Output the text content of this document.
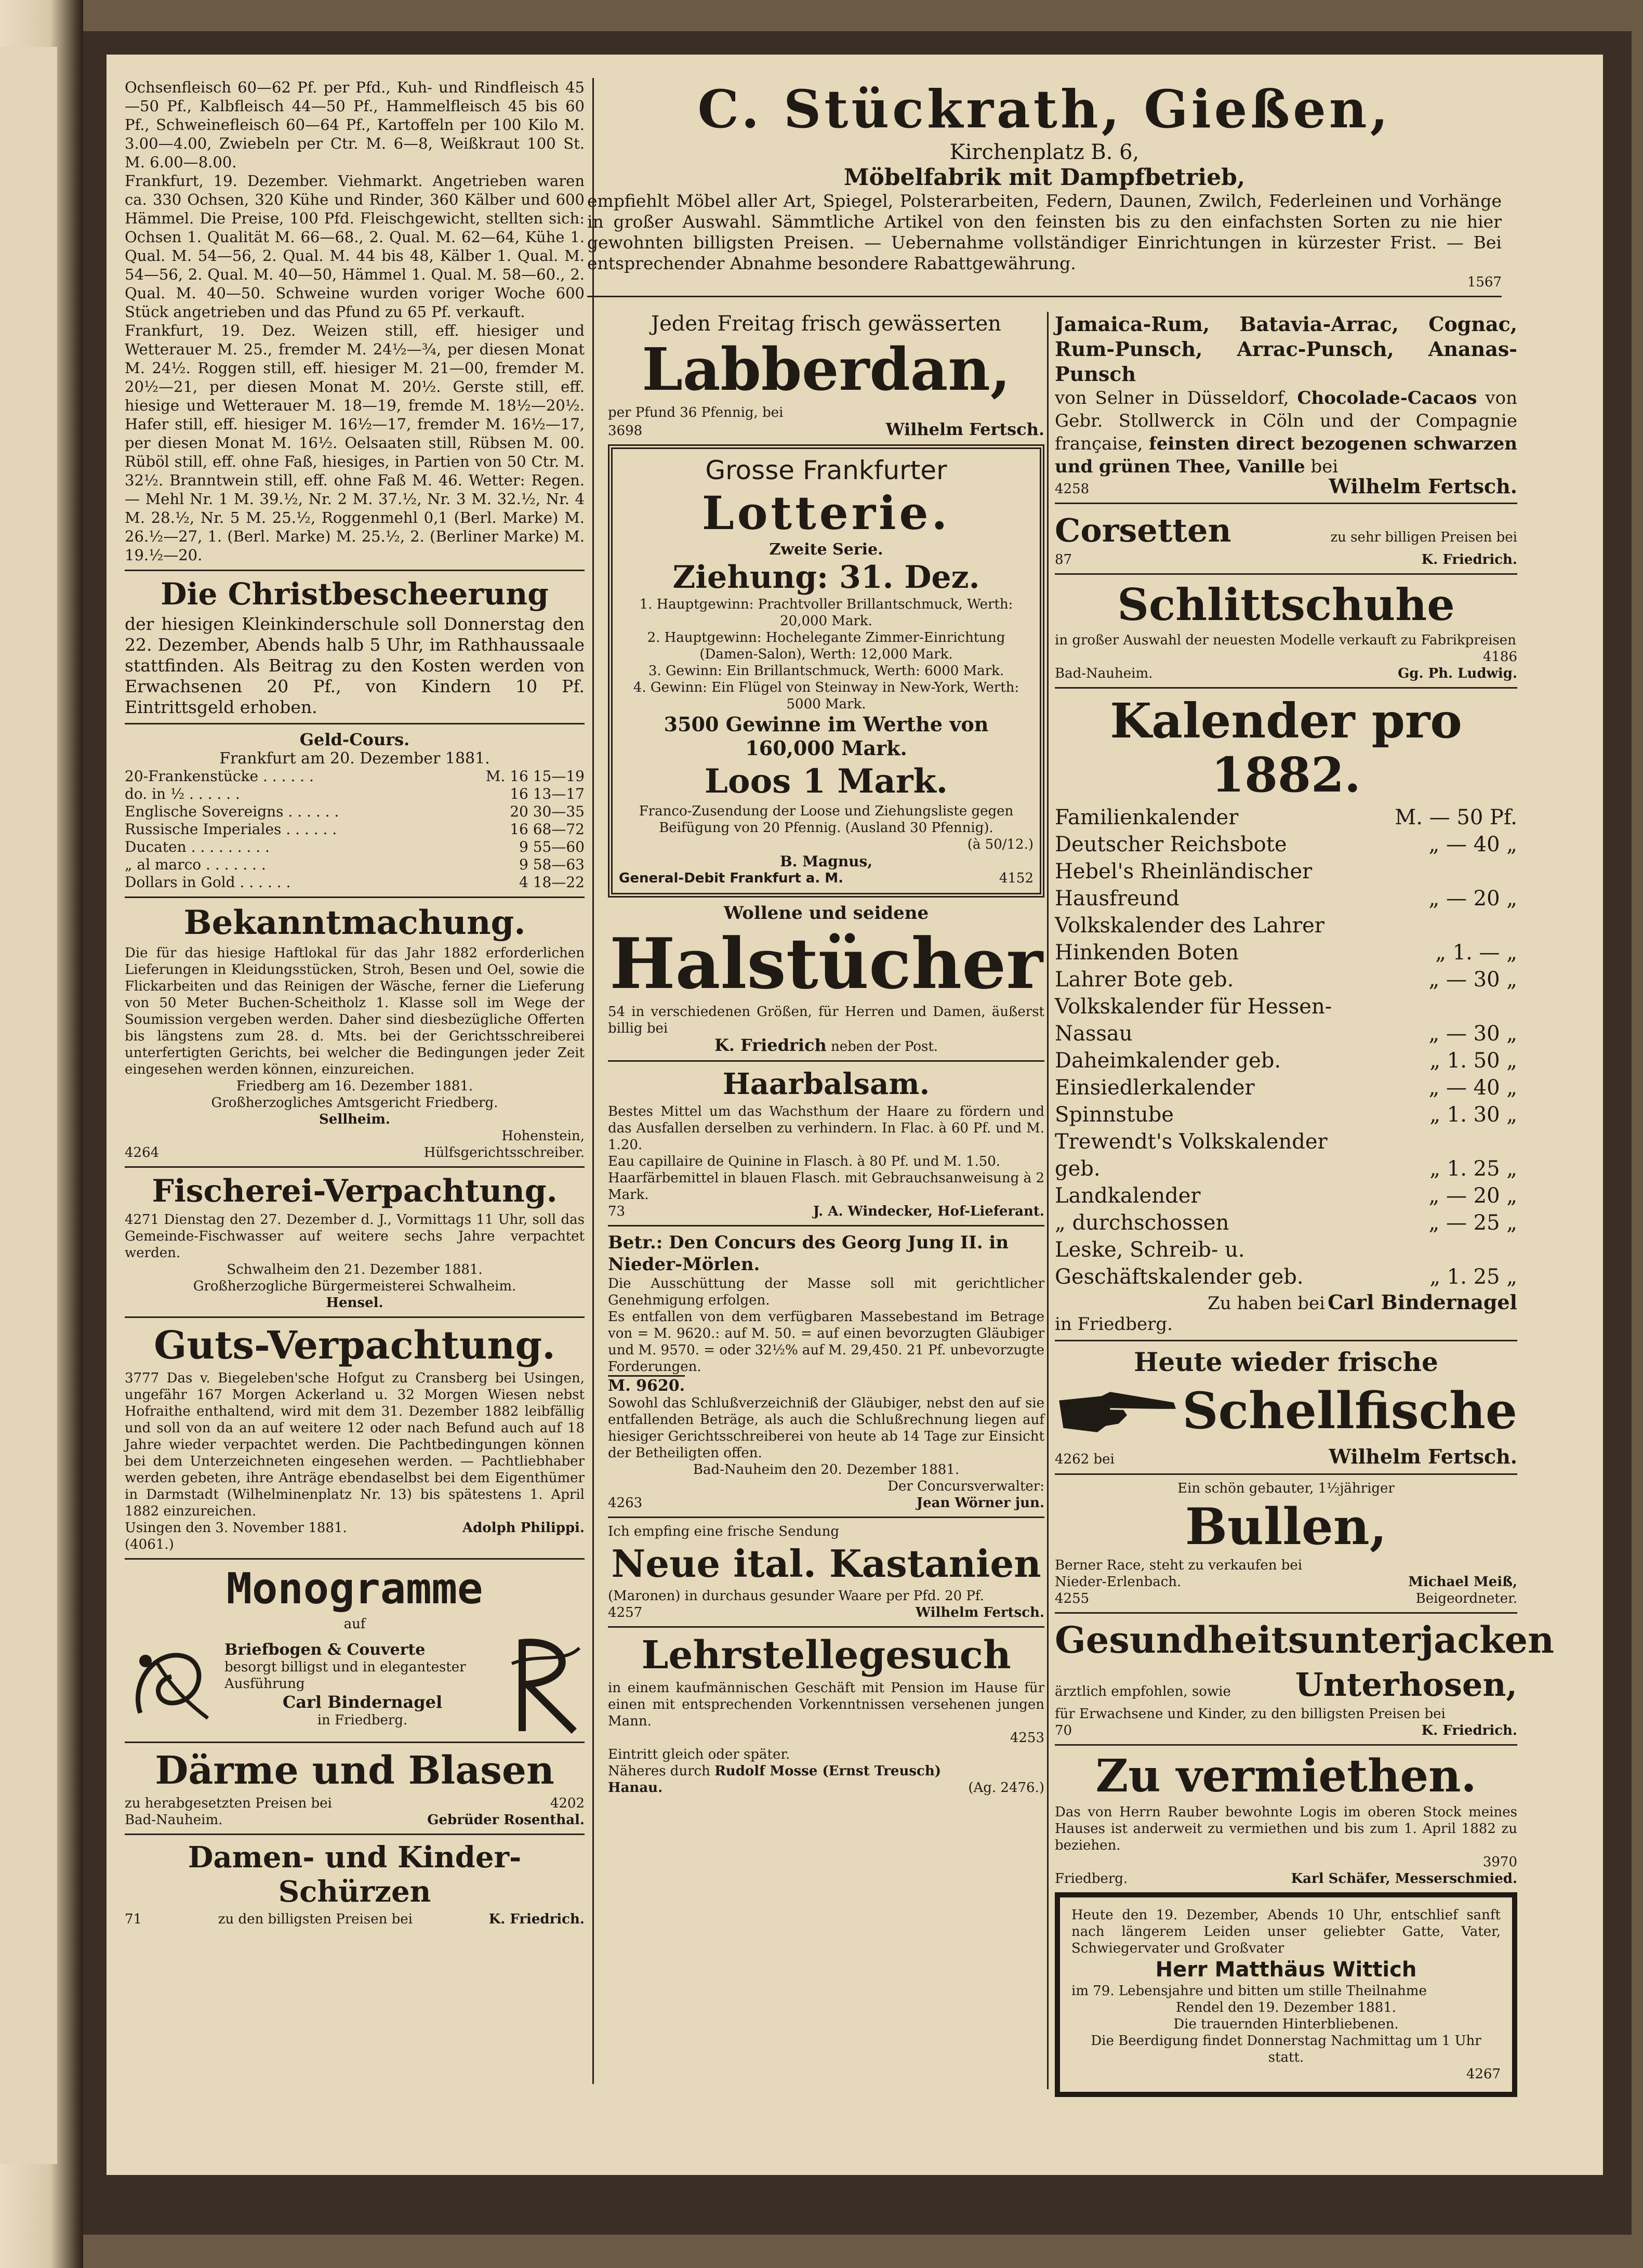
Ochsenfleisch 60—62 Pf. per Pfd., Kuh- und Rindfleisch 45—50 Pf., Kalbfleisch 44—50 Pf., Hammelfleisch 45 bis 60 Pf., Schweinefleisch 60—64 Pf., Kartoffeln per 100 Kilo M. 3.00—4.00, Zwiebeln per Ctr. M. 6—8, Weißkraut 100 St. M. 6.00—8.00.

Frankfurt, 19. Dezember. Viehmarkt. Angetrieben waren ca. 330 Ochsen, 320 Kühe und Rinder, 360 Kälber und 600 Hämmel. Die Preise, 100 Pfd. Fleischgewicht, stellten sich: Ochsen 1. Qualität M. 66—68., 2. Qual. M. 62—64, Kühe 1. Qual. M. 54—56, 2. Qual. M. 44 bis 48, Kälber 1. Qual. M. 54—56, 2. Qual. M. 40—50, Hämmel 1. Qual. M. 58—60., 2. Qual. M. 40—50. Schweine wurden voriger Woche 600 Stück angetrieben und das Pfund zu 65 Pf. verkauft.

Frankfurt, 19. Dez. Weizen still, eff. hiesiger und Wetterauer M. 25., fremder M. 24½—¾, per diesen Monat M. 24½. Roggen still, eff. hiesiger M. 21—00, fremder M. 20½—21, per diesen Monat M. 20½. Gerste still, eff. hiesige und Wetterauer M. 18—19, fremde M. 18½—20½. Hafer still, eff. hiesiger M. 16½—17, fremder M. 16½—17, per diesen Monat M. 16½. Oelsaaten still, Rübsen M. 00. Rüböl still, eff. ohne Faß, hiesiges, in Partien von 50 Ctr. M. 32½. Branntwein still, eff. ohne Faß M. 46. Wetter: Regen. — Mehl Nr. 1 M. 39.½, Nr. 2 M. 37.½, Nr. 3 M. 32.½, Nr. 4 M. 28.½, Nr. 5 M. 25.½, Roggenmehl 0,1 (Berl. Marke) M. 26.½—27, 1. (Berl. Marke) M. 25.½, 2. (Berliner Marke) M. 19.½—20.

Die Christbescheerung

der hiesigen Kleinkinderschule soll Donnerstag den 22. Dezember, Abends halb 5 Uhr, im Rathhaussaale stattfinden. Als Beitrag zu den Kosten werden von Erwachsenen 20 Pf., von Kindern 10 Pf. Eintrittsgeld erhoben.

Geld-Cours.
Frankfurt am 20. Dezember 1881.
20-Frankenstücke . . . . . .	M. 16 15—19
do. in ½ . . . . . .	16 13—17
Englische Sovereigns . . . . . .	20 30—35
Russische Imperiales . . . . . .	16 68—72
Ducaten . . . . . . . . .	9 55—60
„ al marco . . . . . . .	9 58—63
Dollars in Gold . . . . . .	4 18—22
Bekanntmachung.

Die für das hiesige Haftlokal für das Jahr 1882 erforderlichen Lieferungen in Kleidungsstücken, Stroh, Besen und Oel, sowie die Flickarbeiten und das Reinigen der Wäsche, ferner die Lieferung von 50 Meter Buchen-Scheitholz 1. Klasse soll im Wege der Soumission vergeben werden. Daher sind diesbezügliche Offerten bis längstens zum 28. d. Mts. bei der Gerichtsschreiberei unterfertigten Gerichts, bei welcher die Bedingungen jeder Zeit eingesehen werden können, einzureichen.

Friedberg am 16. Dezember 1881.
Großherzogliches Amtsgericht Friedberg.
Sellheim.
Hohenstein,
4264	Hülfsgerichtsschreiber.
Fischerei-Verpachtung.

4271 Dienstag den 27. Dezember d. J., Vormittags 11 Uhr, soll das Gemeinde-Fischwasser auf weitere sechs Jahre verpachtet werden.

Schwalheim den 21. Dezember 1881.
Großherzogliche Bürgermeisterei Schwalheim.
Hensel.
Guts-Verpachtung.

3777 Das v. Biegeleben'sche Hofgut zu Cransberg bei Usingen, ungefähr 167 Morgen Ackerland u. 32 Morgen Wiesen nebst Hofraithe enthaltend, wird mit dem 31. Dezember 1882 leibfällig und soll von da an auf weitere 12 oder nach Befund auch auf 18 Jahre wieder verpachtet werden. Die Pachtbedingungen können bei dem Unterzeichneten eingesehen werden. — Pachtliebhaber werden gebeten, ihre Anträge ebendaselbst bei dem Eigenthümer in Darmstadt (Wilhelminenplatz Nr. 13) bis spätestens 1. April 1882 einzureichen.

Usingen den 3. November 1881.	Adolph Philippi.
(4061.)
Monogramme
auf
Briefbogen & Couverte
besorgt billigst und in elegantester Ausführung
Carl Bindernagel
in Friedberg.
Därme und Blasen
zu herabgesetzten Preisen bei	4202
Bad-Nauheim.	Gebrüder Rosenthal.
Damen- und Kinder-Schürzen
71	zu den billigsten Preisen bei	K. Friedrich.
C. Stückrath, Gießen,
Kirchenplatz B. 6,
Möbelfabrik mit Dampfbetrieb,

empfiehlt Möbel aller Art, Spiegel, Polsterarbeiten, Federn, Daunen, Zwilch, Federleinen und Vorhänge in großer Auswahl. Sämmtliche Artikel von den feinsten bis zu den einfachsten Sorten zu nie hier gewohnten billigsten Preisen. — Uebernahme vollständiger Einrichtungen in kürzester Frist. — Bei entsprechender Abnahme besondere Rabattgewährung.

1567
Jeden Freitag frisch gewässerten
Labberdan,
per Pfund 36 Pfennig, bei
3698	Wilhelm Fertsch.
Grosse Frankfurter
Lotterie.
Zweite Serie.
Ziehung: 31. Dez.

1. Hauptgewinn: Prachtvoller Brillantschmuck, Werth: 20,000 Mark.

2. Hauptgewinn: Hochelegante Zimmer-Einrichtung (Damen-Salon), Werth: 12,000 Mark.

3. Gewinn: Ein Brillantschmuck, Werth: 6000 Mark.

4. Gewinn: Ein Flügel von Steinway in New-York, Werth: 5000 Mark.

3500 Gewinne im Werthe von 160,000 Mark.
Loos 1 Mark.

Franco-Zusendung der Loose und Ziehungsliste gegen Beifügung von 20 Pfennig. (Ausland 30 Pfennig).

(à 50/12.)
B. Magnus,
General-Debit Frankfurt a. M.	4152
Wollene und seidene
Halstücher

54 in verschiedenen Größen, für Herren und Damen, äußerst billig bei

K. Friedrich neben der Post.
Haarbalsam.

Bestes Mittel um das Wachsthum der Haare zu fördern und das Ausfallen derselben zu verhindern. In Flac. à 60 Pf. und M. 1.20.

Eau capillaire de Quinine in Flasch. à 80 Pf. und M. 1.50.

Haarfärbemittel in blauen Flasch. mit Gebrauchsanweisung à 2 Mark.

73	J. A. Windecker, Hof-Lieferant.
Betr.: Den Concurs des Georg Jung II. in Nieder-Mörlen.

Die Ausschüttung der Masse soll mit gerichtlicher Genehmigung erfolgen.

Es entfallen von dem verfügbaren Massebestand im Betrage von = M. 9620.: auf M. 50. = auf einen bevorzugten Gläubiger und M. 9570. = oder 32½% auf M. 29,450. 21 Pf. unbevorzugte Forderungen.

M. 9620.

Sowohl das Schlußverzeichniß der Gläubiger, nebst den auf sie entfallenden Beträge, als auch die Schlußrechnung liegen auf hiesiger Gerichtsschreiberei von heute ab 14 Tage zur Einsicht der Betheiligten offen.

Bad-Nauheim den 20. Dezember 1881.
Der Concursverwalter:
4263	Jean Wörner jun.
Ich empfing eine frische Sendung
Neue ital. Kastanien
(Maronen) in durchaus gesunder Waare per Pfd. 20 Pf.
4257	Wilhelm Fertsch.
Lehrstellegesuch

in einem kaufmännischen Geschäft mit Pension im Hause für einen mit entsprechenden Vorkenntnissen versehenen jungen Mann.

4253
Eintritt gleich oder später.
Näheres durch Rudolf Mosse (Ernst Treusch)
Hanau.	(Ag. 2476.)

Jamaica-Rum, Batavia-Arrac, Cognac, Rum-Punsch, Arrac-Punsch, Ananas-Punsch

von Selner in Düsseldorf, Chocolade-Cacaos von Gebr. Stollwerck in Cöln und der Compagnie française, feinsten direct bezogenen schwarzen und grünen Thee, Vanille bei

4258	Wilhelm Fertsch.
Corsetten	zu sehr billigen Preisen bei
87	K. Friedrich.
Schlittschuhe

in großer Auswahl der neuesten Modelle verkauft zu Fabrikpreisen

4186
Bad-Nauheim.	Gg. Ph. Ludwig.
Kalender pro 1882.
Familienkalender	M. — 50 Pf.
Deutscher Reichsbote	„ — 40 „
Hebel's Rheinländischer Hausfreund	„ — 20 „
Volkskalender des Lahrer Hinkenden Boten	„ 1. — „
Lahrer Bote geb.	„ — 30 „
Volkskalender für Hessen-Nassau	„ — 30 „
Daheimkalender geb.	„ 1. 50 „
Einsiedlerkalender	„ — 40 „
Spinnstube	„ 1. 30 „
Trewendt's Volkskalender geb.	„ 1. 25 „
Landkalender	„ — 20 „
„ durchschossen	„ — 25 „
Leske, Schreib- u. Geschäftskalender geb.	„ 1. 25 „
Zu haben bei Carl Bindernagel
in Friedberg.
Heute wieder frische
Schellfische
4262 bei	Wilhelm Fertsch.
Ein schön gebauter, 1½jähriger
Bullen,
Berner Race, steht zu verkaufen bei
Nieder-Erlenbach.	Michael Meiß,
4255	Beigeordneter.
Gesundheitsunterjacken
ärztlich empfohlen, sowie Unterhosen,
für Erwachsene und Kinder, zu den billigsten Preisen bei
70	K. Friedrich.
Zu vermiethen.

Das von Herrn Rauber bewohnte Logis im oberen Stock meines Hauses ist anderweit zu vermiethen und bis zum 1. April 1882 zu beziehen.

3970
Friedberg.	Karl Schäfer, Messerschmied.

Heute den 19. Dezember, Abends 10 Uhr, entschlief sanft nach längerem Leiden unser geliebter Gatte, Vater, Schwiegervater und Großvater

Herr Matthäus Wittich

im 79. Lebensjahre und bitten um stille Theilnahme

Rendel den 19. Dezember 1881.
Die trauernden Hinterbliebenen.

Die Beerdigung findet Donnerstag Nachmittag um 1 Uhr statt.

4267
